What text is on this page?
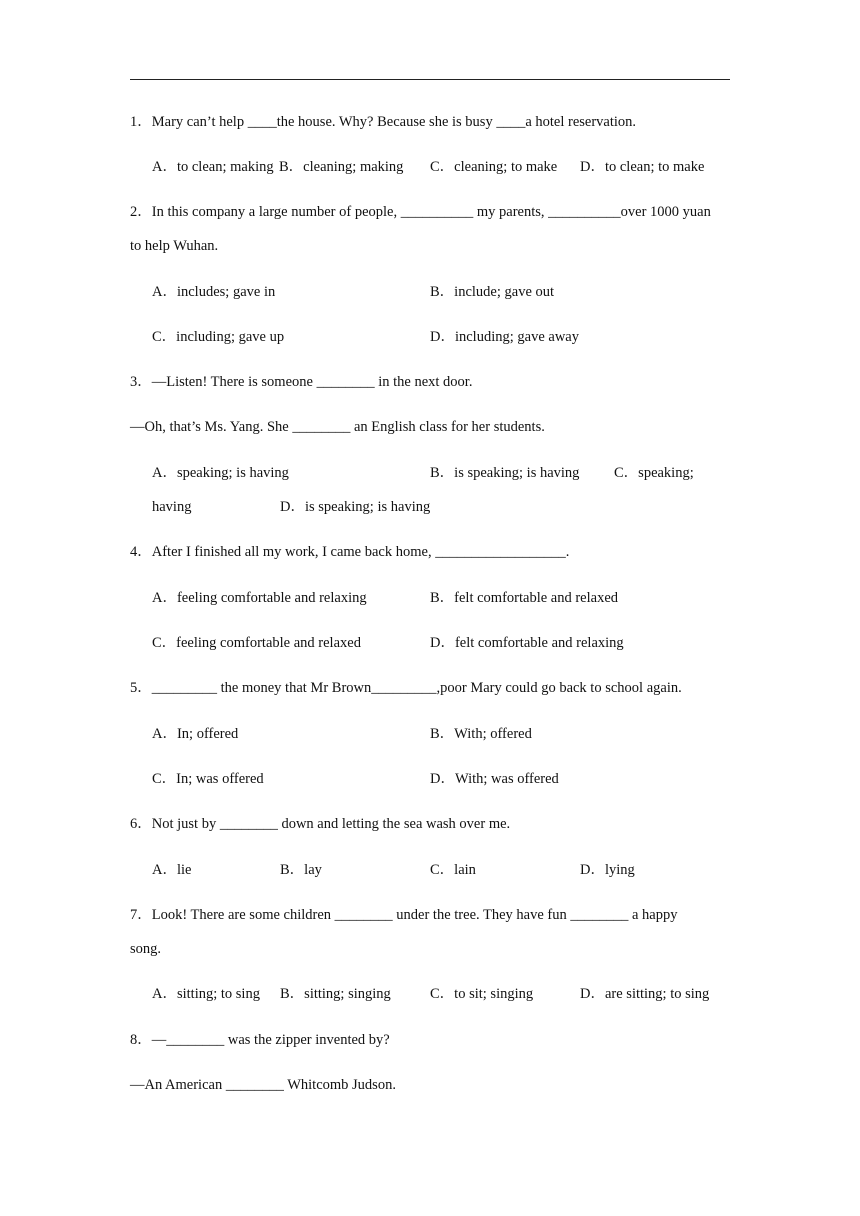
1．Mary can’t help ____the house. Why? Because she is busy ____a hotel reservation.
A．to clean; making B．cleaning; making C．cleaning; to make D．to clean; to make
2．In this company a large number of people, __________ my parents, __________over 1000 yuan
to help Wuhan.
A．includes; gave in	B．include; gave out
C．including; gave up	D．including; gave away
3．—Listen! There is someone ________ in the next door.
—Oh, that’s Ms. Yang. She ________ an English class for her students.
A．speaking; is having	B．is speaking; is having C．speaking;
having	D．is speaking; is having
4．After I finished all my work, I came back home, __________________.
A．feeling comfortable and relaxing	B．felt comfortable and relaxed
C．feeling comfortable and relaxed	D．felt comfortable and relaxing
5．_________ the money that Mr Brown_________,poor Mary could go back to school again.
A．In; offered	B．With; offered
C．In; was offered	D．With; was offered
6．Not just by ________ down and letting the sea wash over me.
A．lie	B．lay	C．lain	D．lying
7．Look! There are some children ________ under the tree. They have fun ________ a happy
song.
A．sitting; to sing B．sitting; singing	C．to sit; singing	D．are sitting; to sing
8．—________ was the zipper invented by?
—An American ________ Whitcomb Judson.
